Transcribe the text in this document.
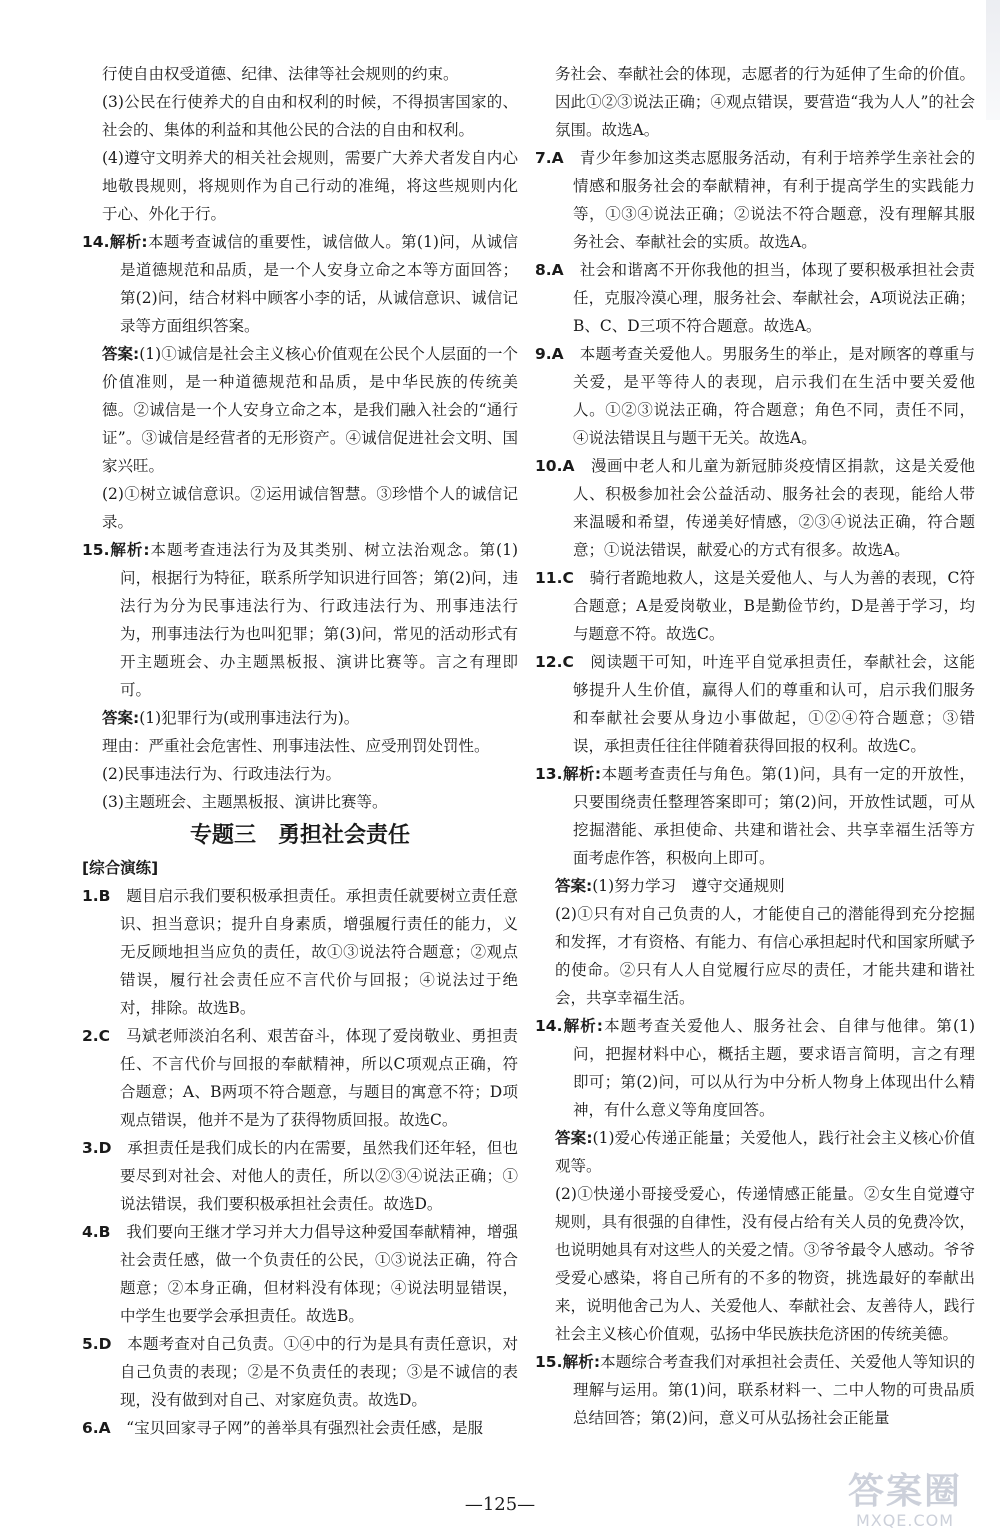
行使自由权受道德、纪律、法律等社会规则的约束。

(3)公民在行使养犬的自由和权利的时候，不得损害国家的、社会的、集体的利益和其他公民的合法的自由和权利。

(4)遵守文明养犬的相关社会规则，需要广大养犬者发自内心地敬畏规则，将规则作为自己行动的准绳，将这些规则内化于心、外化于行。

14.解析:本题考查诚信的重要性，诚信做人。第(1)问，从诚信是道德规范和品质，是一个人安身立命之本等方面回答；第(2)问，结合材料中顾客小李的话，从诚信意识、诚信记录等方面组织答案。

答案:(1)①诚信是社会主义核心价值观在公民个人层面的一个价值准则，是一种道德规范和品质，是中华民族的传统美德。②诚信是一个人安身立命之本，是我们融入社会的“通行证”。③诚信是经营者的无形资产。④诚信促进社会文明、国家兴旺。

(2)①树立诚信意识。②运用诚信智慧。③珍惜个人的诚信记录。

15.解析:本题考查违法行为及其类别、树立法治观念。第(1)问，根据行为特征，联系所学知识进行回答；第(2)问，违法行为分为民事违法行为、行政违法行为、刑事违法行为，刑事违法行为也叫犯罪；第(3)问，常见的活动形式有开主题班会、办主题黑板报、演讲比赛等。言之有理即可。

答案:(1)犯罪行为(或刑事违法行为)。

理由：严重社会危害性、刑事违法性、应受刑罚处罚性。

(2)民事违法行为、行政违法行为。

(3)主题班会、主题黑板报、演讲比赛等。

专题三　勇担社会责任
[综合演练]

1.B　题目启示我们要积极承担责任。承担责任就要树立责任意识、担当意识；提升自身素质，增强履行责任的能力，义无反顾地担当应负的责任，故①③说法符合题意；②观点错误，履行社会责任应不言代价与回报；④说法过于绝对，排除。故选B。

2.C　马斌老师淡泊名利、艰苦奋斗，体现了爱岗敬业、勇担责任、不言代价与回报的奉献精神，所以C项观点正确，符合题意；A、B两项不符合题意，与题目的寓意不符；D项观点错误，他并不是为了获得物质回报。故选C。

3.D　承担责任是我们成长的内在需要，虽然我们还年轻，但也要尽到对社会、对他人的责任，所以②③④说法正确；①说法错误，我们要积极承担社会责任。故选D。

4.B　我们要向王继才学习并大力倡导这种爱国奉献精神，增强社会责任感，做一个负责任的公民，①③说法正确，符合题意；②本身正确，但材料没有体现；④说法明显错误，中学生也要学会承担责任。故选B。

5.D　本题考查对自己负责。①④中的行为是具有责任意识，对自己负责的表现；②是不负责任的表现；③是不诚信的表现，没有做到对自己、对家庭负责。故选D。

6.A　“宝贝回家寻子网”的善举具有强烈社会责任感，是服

务社会、奉献社会的体现，志愿者的行为延伸了生命的价值。因此①②③说法正确；④观点错误，要营造“我为人人”的社会氛围。故选A。

7.A　青少年参加这类志愿服务活动，有利于培养学生亲社会的情感和服务社会的奉献精神，有利于提高学生的实践能力等，①③④说法正确；②说法不符合题意，没有理解其服务社会、奉献社会的实质。故选A。

8.A　社会和谐离不开你我他的担当，体现了要积极承担社会责任，克服冷漠心理，服务社会、奉献社会，A项说法正确；B、C、D三项不符合题意。故选A。

9.A　本题考查关爱他人。男服务生的举止，是对顾客的尊重与关爱，是平等待人的表现，启示我们在生活中要关爱他人。①②③说法正确，符合题意；角色不同，责任不同，④说法错误且与题干无关。故选A。

10.A　漫画中老人和儿童为新冠肺炎疫情区捐款，这是关爱他人、积极参加社会公益活动、服务社会的表现，能给人带来温暖和希望，传递美好情感，②③④说法正确，符合题意；①说法错误，献爱心的方式有很多。故选A。

11.C　骑行者跪地救人，这是关爱他人、与人为善的表现，C符合题意；A是爱岗敬业，B是勤俭节约，D是善于学习，均与题意不符。故选C。

12.C　阅读题干可知，叶连平自觉承担责任，奉献社会，这能够提升人生价值，赢得人们的尊重和认可，启示我们服务和奉献社会要从身边小事做起，①②④符合题意；③错误，承担责任往往伴随着获得回报的权利。故选C。

13.解析:本题考查责任与角色。第(1)问，具有一定的开放性，只要围绕责任整理答案即可；第(2)问，开放性试题，可从挖掘潜能、承担使命、共建和谐社会、共享幸福生活等方面考虑作答，积极向上即可。

答案:(1)努力学习　遵守交通规则

(2)①只有对自己负责的人，才能使自己的潜能得到充分挖掘和发挥，才有资格、有能力、有信心承担起时代和国家所赋予的使命。②只有人人自觉履行应尽的责任，才能共建和谐社会，共享幸福生活。

14.解析:本题考查关爱他人、服务社会、自律与他律。第(1)问，把握材料中心，概括主题，要求语言简明，言之有理即可；第(2)问，可以从行为中分析人物身上体现出什么精神，有什么意义等角度回答。

答案:(1)爱心传递正能量；关爱他人，践行社会主义核心价值观等。

(2)①快递小哥接受爱心，传递情感正能量。②女生自觉遵守规则，具有很强的自律性，没有侵占给有关人员的免费冷饮，也说明她具有对这些人的关爱之情。③爷爷最令人感动。爷爷受爱心感染，将自己所有的不多的物资，挑选最好的奉献出来，说明他舍己为人、关爱他人、奉献社会、友善待人，践行社会主义核心价值观，弘扬中华民族扶危济困的传统美德。

15.解析:本题综合考查我们对承担社会责任、关爱他人等知识的理解与运用。第(1)问，联系材料一、二中人物的可贵品质总结回答；第(2)问，意义可从弘扬社会正能量

—125—	答案圈
MXQE.COM
